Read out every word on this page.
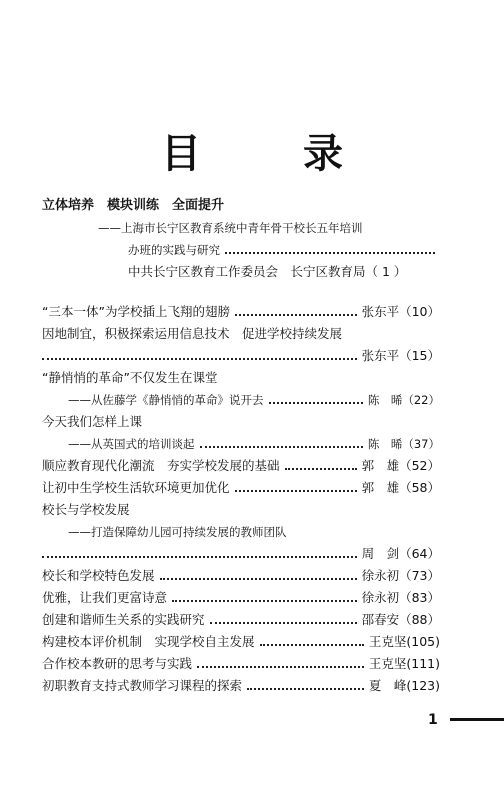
目 录
立体培养　模块训练　全面提升
——上海市长宁区教育系统中青年骨干校长五年培训
办班的实践与研究
中共长宁区教育工作委员会　长宁区教育局（ 1 ）
“三本一体”为学校插上飞翔的翅膀	张东平（10）
因地制宜，积极探索运用信息技术　促进学校持续发展
张东平（15）
“静悄悄的革命”不仅发生在课堂
——从佐藤学《静悄悄的革命》说开去	陈　晞（22）
今天我们怎样上课
——从英国式的培训谈起	陈　晞（37）
顺应教育现代化潮流　夯实学校发展的基础	郭　雄（52）
让初中生学校生活软环境更加优化	郭　雄（58）
校长与学校发展
——打造保障幼儿园可持续发展的教师团队
周　剑（64）
校长和学校特色发展	徐永初（73）
优雅，让我们更富诗意	徐永初（83）
创建和谐师生关系的实践研究	邵春安（88）
构建校本评价机制　实现学校自主发展	王克坚(105)
合作校本教研的思考与实践	王克坚(111)
初职教育支持式教师学习课程的探索	夏　峰(123)
1
